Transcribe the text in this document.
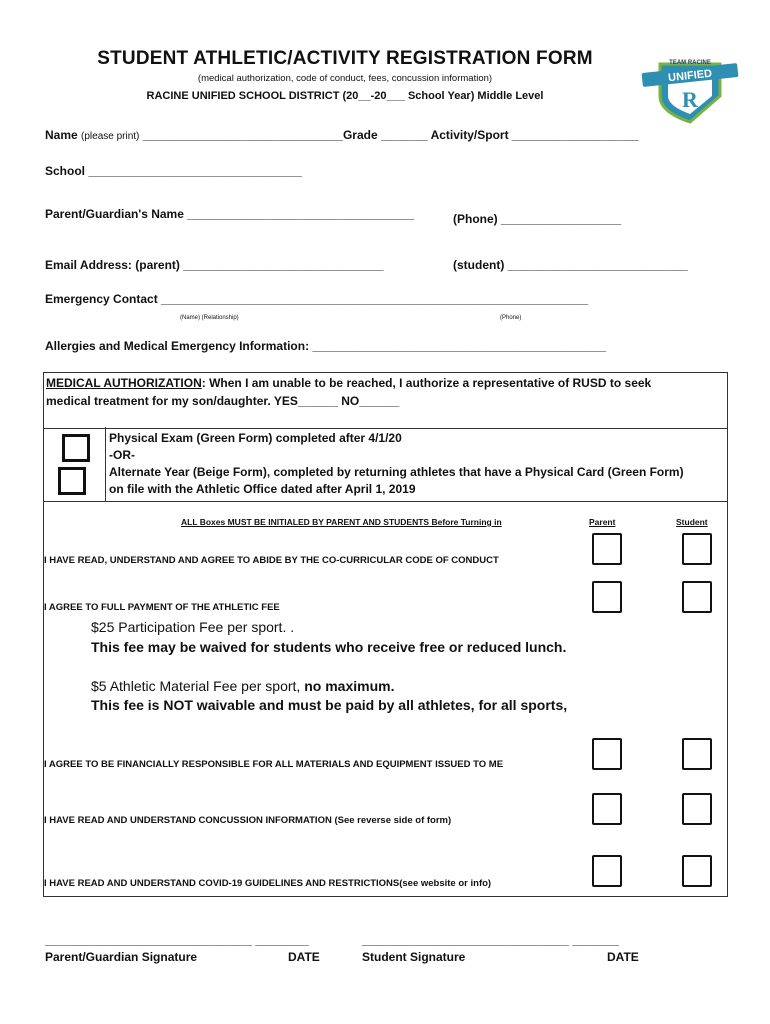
STUDENT ATHLETIC/ACTIVITY REGISTRATION FORM
(medical authorization, code of conduct, fees, concussion information)
RACINE UNIFIED SCHOOL DISTRICT (20__-20___ School Year) Middle Level
TEAM RACINE
UNIFIED
R
Name (please print) ______________________________Grade _______ Activity/Sport ___________________
School ________________________________
Parent/Guardian's Name __________________________________	(Phone) __________________
Email Address: (parent) ______________________________	(student) ___________________________
Emergency Contact ________________________________________________________________
(Name) (Relationship)	(Phone)
Allergies and Medical Emergency Information: ____________________________________________
MEDICAL AUTHORIZATION: When I am unable to be reached, I authorize a representative of RUSD to seek
medical treatment for my son/daughter. YES______ NO______
Physical Exam (Green Form) completed after 4/1/20
-OR-
Alternate Year (Beige Form), completed by returning athletes that have a Physical Card (Green Form)
on file with the Athletic Office dated after April 1, 2019
ALL Boxes MUST BE INITIALED BY PARENT AND STUDENTS Before Turning in	Parent	Student
I HAVE READ, UNDERSTAND AND AGREE TO ABIDE BY THE CO-CURRICULAR CODE OF CONDUCT
I AGREE TO FULL PAYMENT OF THE ATHLETIC FEE
$25 Participation Fee per sport. .
This fee may be waived for students who receive free or reduced lunch.
$5 Athletic Material Fee per sport, no maximum.
This fee is NOT waivable and must be paid by all athletes, for all sports,
I AGREE TO BE FINANCIALLY RESPONSIBLE FOR ALL MATERIALS AND EQUIPMENT ISSUED TO ME
I HAVE READ AND UNDERSTAND CONCUSSION INFORMATION (See reverse side of form)
I HAVE READ AND UNDERSTAND COVID-19 GUIDELINES AND RESTRICTIONS(see website or info)
_______________________________ ________
Parent/Guardian Signature	DATE
_______________________________ _______
Student Signature	DATE
